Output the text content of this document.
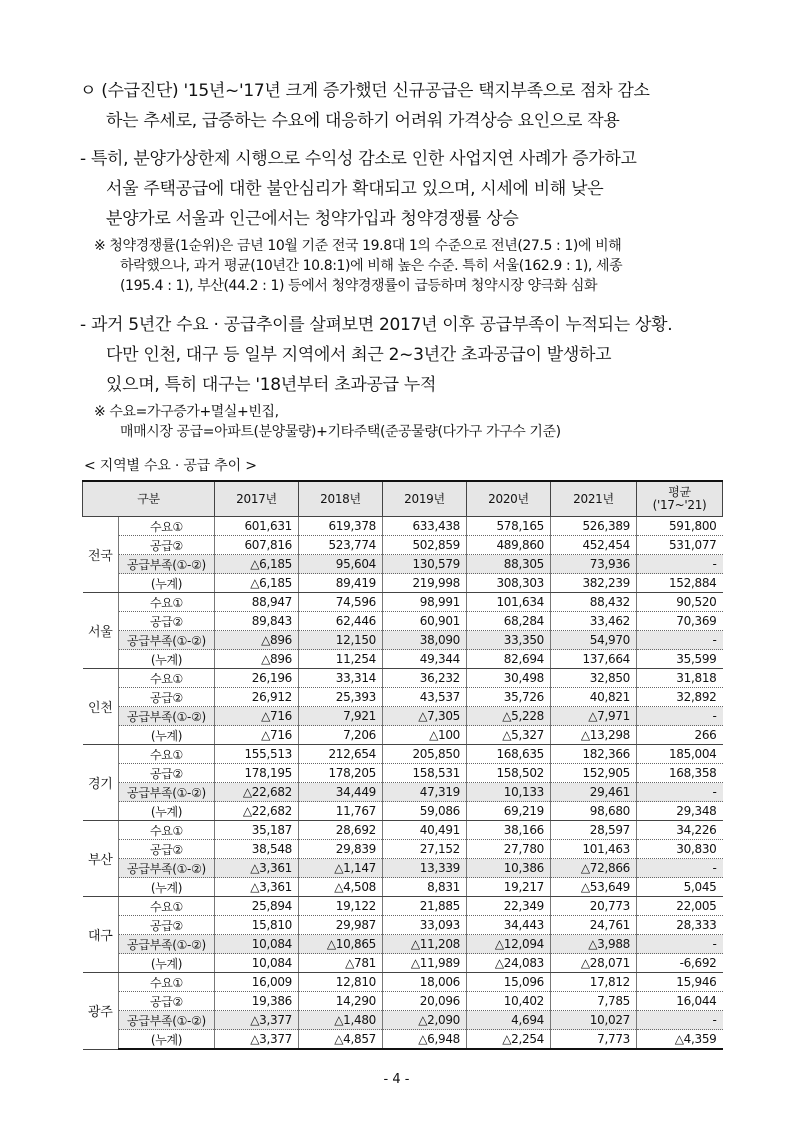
ㅇ (수급진단) '15년~'17년 크게 증가했던 신규공급은 택지부족으로 점차 감소
하는 추세로, 급증하는 수요에 대응하기 어려워 가격상승 요인으로 작용
- 특히, 분양가상한제 시행으로 수익성 감소로 인한 사업지연 사례가 증가하고
서울 주택공급에 대한 불안심리가 확대되고 있으며, 시세에 비해 낮은
분양가로 서울과 인근에서는 청약가입과 청약경쟁률 상승
※ 청약경쟁률(1순위)은 금년 10월 기준 전국 19.8대 1의 수준으로 전년(27.5 : 1)에 비해
하락했으나, 과거 평균(10년간 10.8:1)에 비해 높은 수준. 특히 서울(162.9 : 1), 세종
(195.4 : 1), 부산(44.2 : 1) 등에서 청약경쟁률이 급등하며 청약시장 양극화 심화
- 과거 5년간 수요 · 공급추이를 살펴보면 2017년 이후 공급부족이 누적되는 상황.
다만 인천, 대구 등 일부 지역에서 최근 2~3년간 초과공급이 발생하고
있으며, 특히 대구는 '18년부터 초과공급 누적
※ 수요=가구증가+멸실+빈집,
매매시장 공급=아파트(분양물량)+기타주택(준공물량(다가구 가구수 기준)
< 지역별 수요 · 공급 추이 >
구분		2017년	2018년	2019년	2020년	2021년	평균
('17~'21)
전국	수요①	601,631	619,378	633,438	578,165	526,389	591,800
	공급②	607,816	523,774	502,859	489,860	452,454	531,077
	공급부족(①-②)	△6,185	95,604	130,579	88,305	73,936	-
	(누계)	△6,185	89,419	219,998	308,303	382,239	152,884
서울	수요①	88,947	74,596	98,991	101,634	88,432	90,520
	공급②	89,843	62,446	60,901	68,284	33,462	70,369
	공급부족(①-②)	△896	12,150	38,090	33,350	54,970	-
	(누계)	△896	11,254	49,344	82,694	137,664	35,599
인천	수요①	26,196	33,314	36,232	30,498	32,850	31,818
	공급②	26,912	25,393	43,537	35,726	40,821	32,892
	공급부족(①-②)	△716	7,921	△7,305	△5,228	△7,971	-
	(누계)	△716	7,206	△100	△5,327	△13,298	266
경기	수요①	155,513	212,654	205,850	168,635	182,366	185,004
	공급②	178,195	178,205	158,531	158,502	152,905	168,358
	공급부족(①-②)	△22,682	34,449	47,319	10,133	29,461	-
	(누계)	△22,682	11,767	59,086	69,219	98,680	29,348
부산	수요①	35,187	28,692	40,491	38,166	28,597	34,226
	공급②	38,548	29,839	27,152	27,780	101,463	30,830
	공급부족(①-②)	△3,361	△1,147	13,339	10,386	△72,866	-
	(누계)	△3,361	△4,508	8,831	19,217	△53,649	5,045
대구	수요①	25,894	19,122	21,885	22,349	20,773	22,005
	공급②	15,810	29,987	33,093	34,443	24,761	28,333
	공급부족(①-②)	10,084	△10,865	△11,208	△12,094	△3,988	-
	(누계)	10,084	△781	△11,989	△24,083	△28,071	-6,692
광주	수요①	16,009	12,810	18,006	15,096	17,812	15,946
	공급②	19,386	14,290	20,096	10,402	7,785	16,044
	공급부족(①-②)	△3,377	△1,480	△2,090	4,694	10,027	-
	(누계)	△3,377	△4,857	△6,948	△2,254	7,773	△4,359
- 4 -
